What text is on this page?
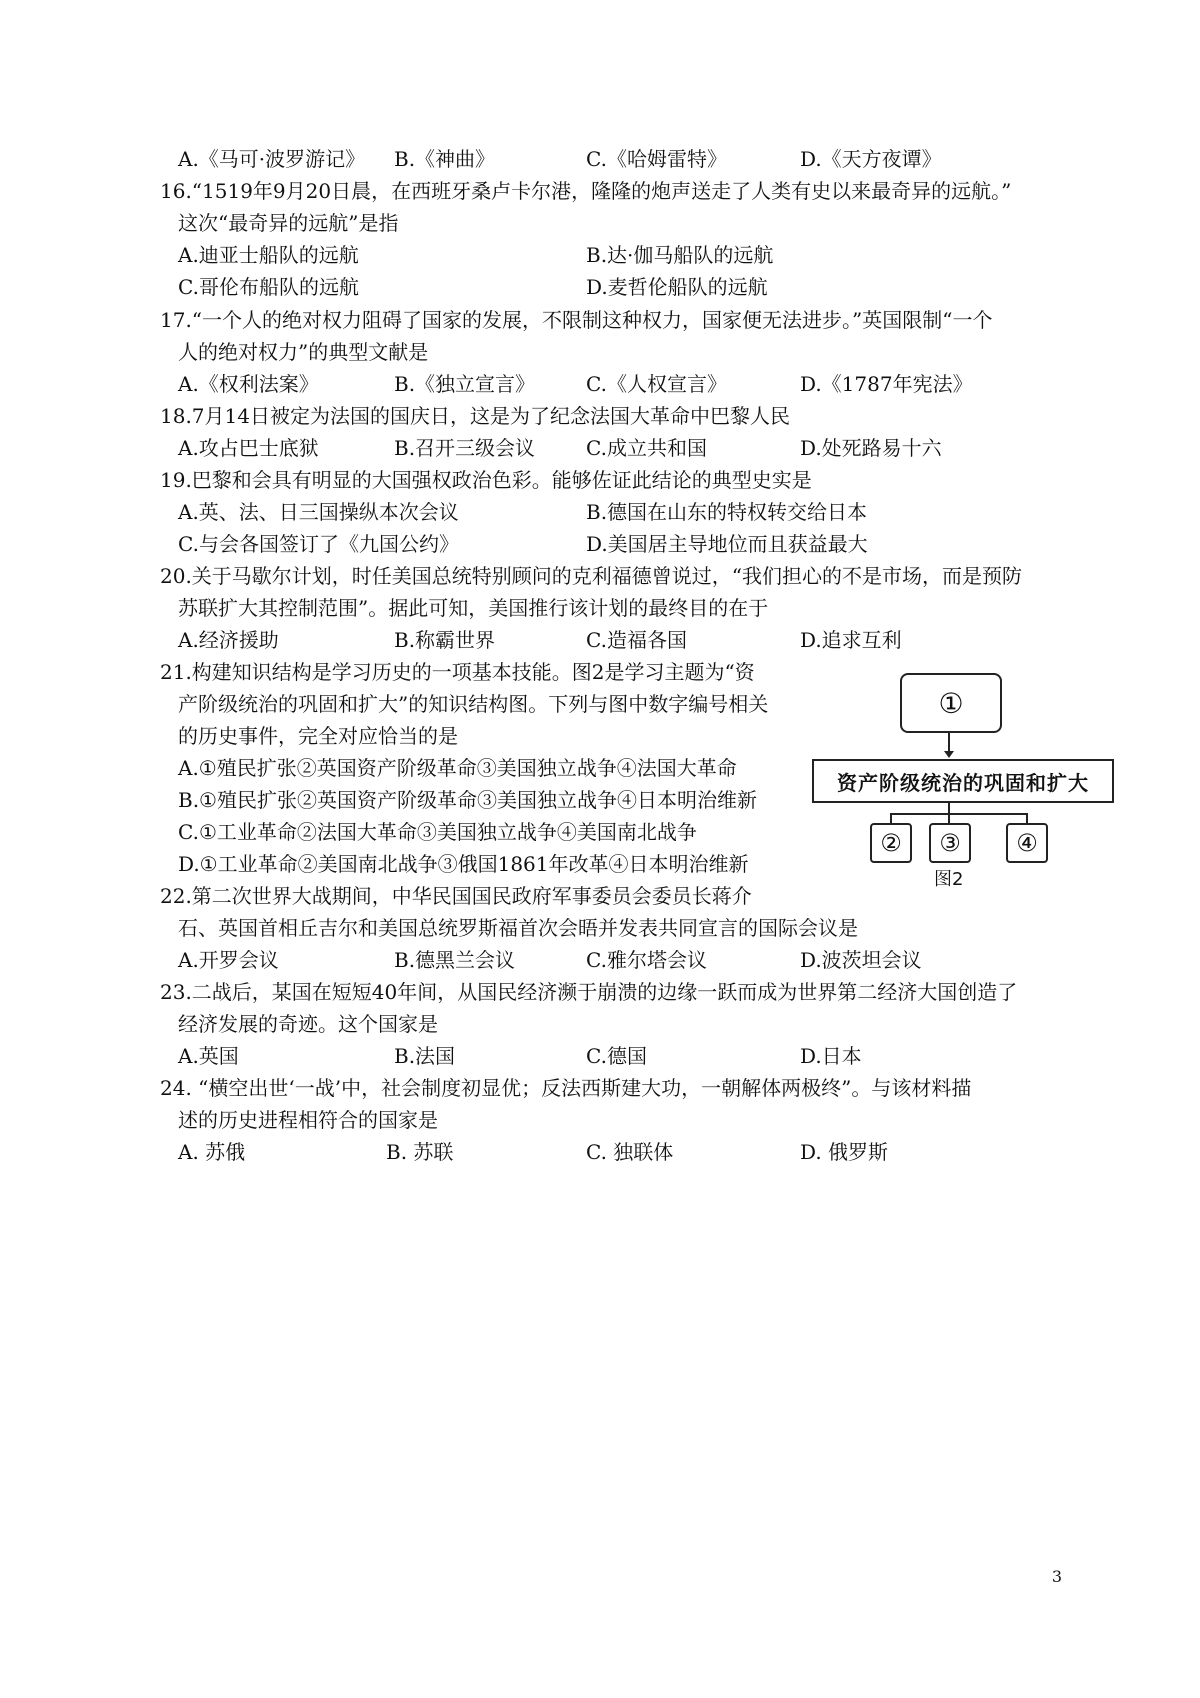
A.《马可·波罗游记》 B.《神曲》	C.《哈姆雷特》	D.《天方夜谭》
16.“1519年9月20日晨，在西班牙桑卢卡尔港，隆隆的炮声送走了人类有史以来最奇异的远航。”
这次“最奇异的远航”是指
A.迪亚士船队的远航	B.达·伽马船队的远航
C.哥伦布船队的远航	D.麦哲伦船队的远航
17.“一个人的绝对权力阻碍了国家的发展，不限制这种权力，国家便无法进步。”英国限制“一个
人的绝对权力”的典型文献是
A.《权利法案》	B.《独立宣言》	C.《人权宣言》	D.《1787年宪法》
18.7月14日被定为法国的国庆日，这是为了纪念法国大革命中巴黎人民
A.攻占巴士底狱	B.召开三级会议	C.成立共和国	D.处死路易十六
19.巴黎和会具有明显的大国强权政治色彩。能够佐证此结论的典型史实是
A.英、法、日三国操纵本次会议	B.德国在山东的特权转交给日本
C.与会各国签订了《九国公约》	D.美国居主导地位而且获益最大
20.关于马歇尔计划，时任美国总统特别顾问的克利福德曾说过，“我们担心的不是市场，而是预防
苏联扩大其控制范围”。据此可知，美国推行该计划的最终目的在于
A.经济援助	B.称霸世界	C.造福各国	D.追求互利
21.构建知识结构是学习历史的一项基本技能。图2是学习主题为“资
产阶级统治的巩固和扩大”的知识结构图。下列与图中数字编号相关
的历史事件，完全对应恰当的是
A.①殖民扩张②英国资产阶级革命③美国独立战争④法国大革命
B.①殖民扩张②英国资产阶级革命③美国独立战争④日本明治维新
C.①工业革命②法国大革命③美国独立战争④美国南北战争
D.①工业革命②美国南北战争③俄国1861年改革④日本明治维新
①
资产阶级统治的巩固和扩大
②	③	④
图2
22.第二次世界大战期间，中华民国国民政府军事委员会委员长蒋介
石、英国首相丘吉尔和美国总统罗斯福首次会晤并发表共同宣言的国际会议是
A.开罗会议	B.德黑兰会议	C.雅尔塔会议	D.波茨坦会议
23.二战后，某国在短短40年间，从国民经济濒于崩溃的边缘一跃而成为世界第二经济大国创造了
经济发展的奇迹。这个国家是
A.英国	B.法国	C.德国	D.日本
24. “横空出世‘一战’中，社会制度初显优；反法西斯建大功，一朝解体两极终”。与该材料描
述的历史进程相符合的国家是
A. 苏俄	B. 苏联	C. 独联体	D. 俄罗斯
3
